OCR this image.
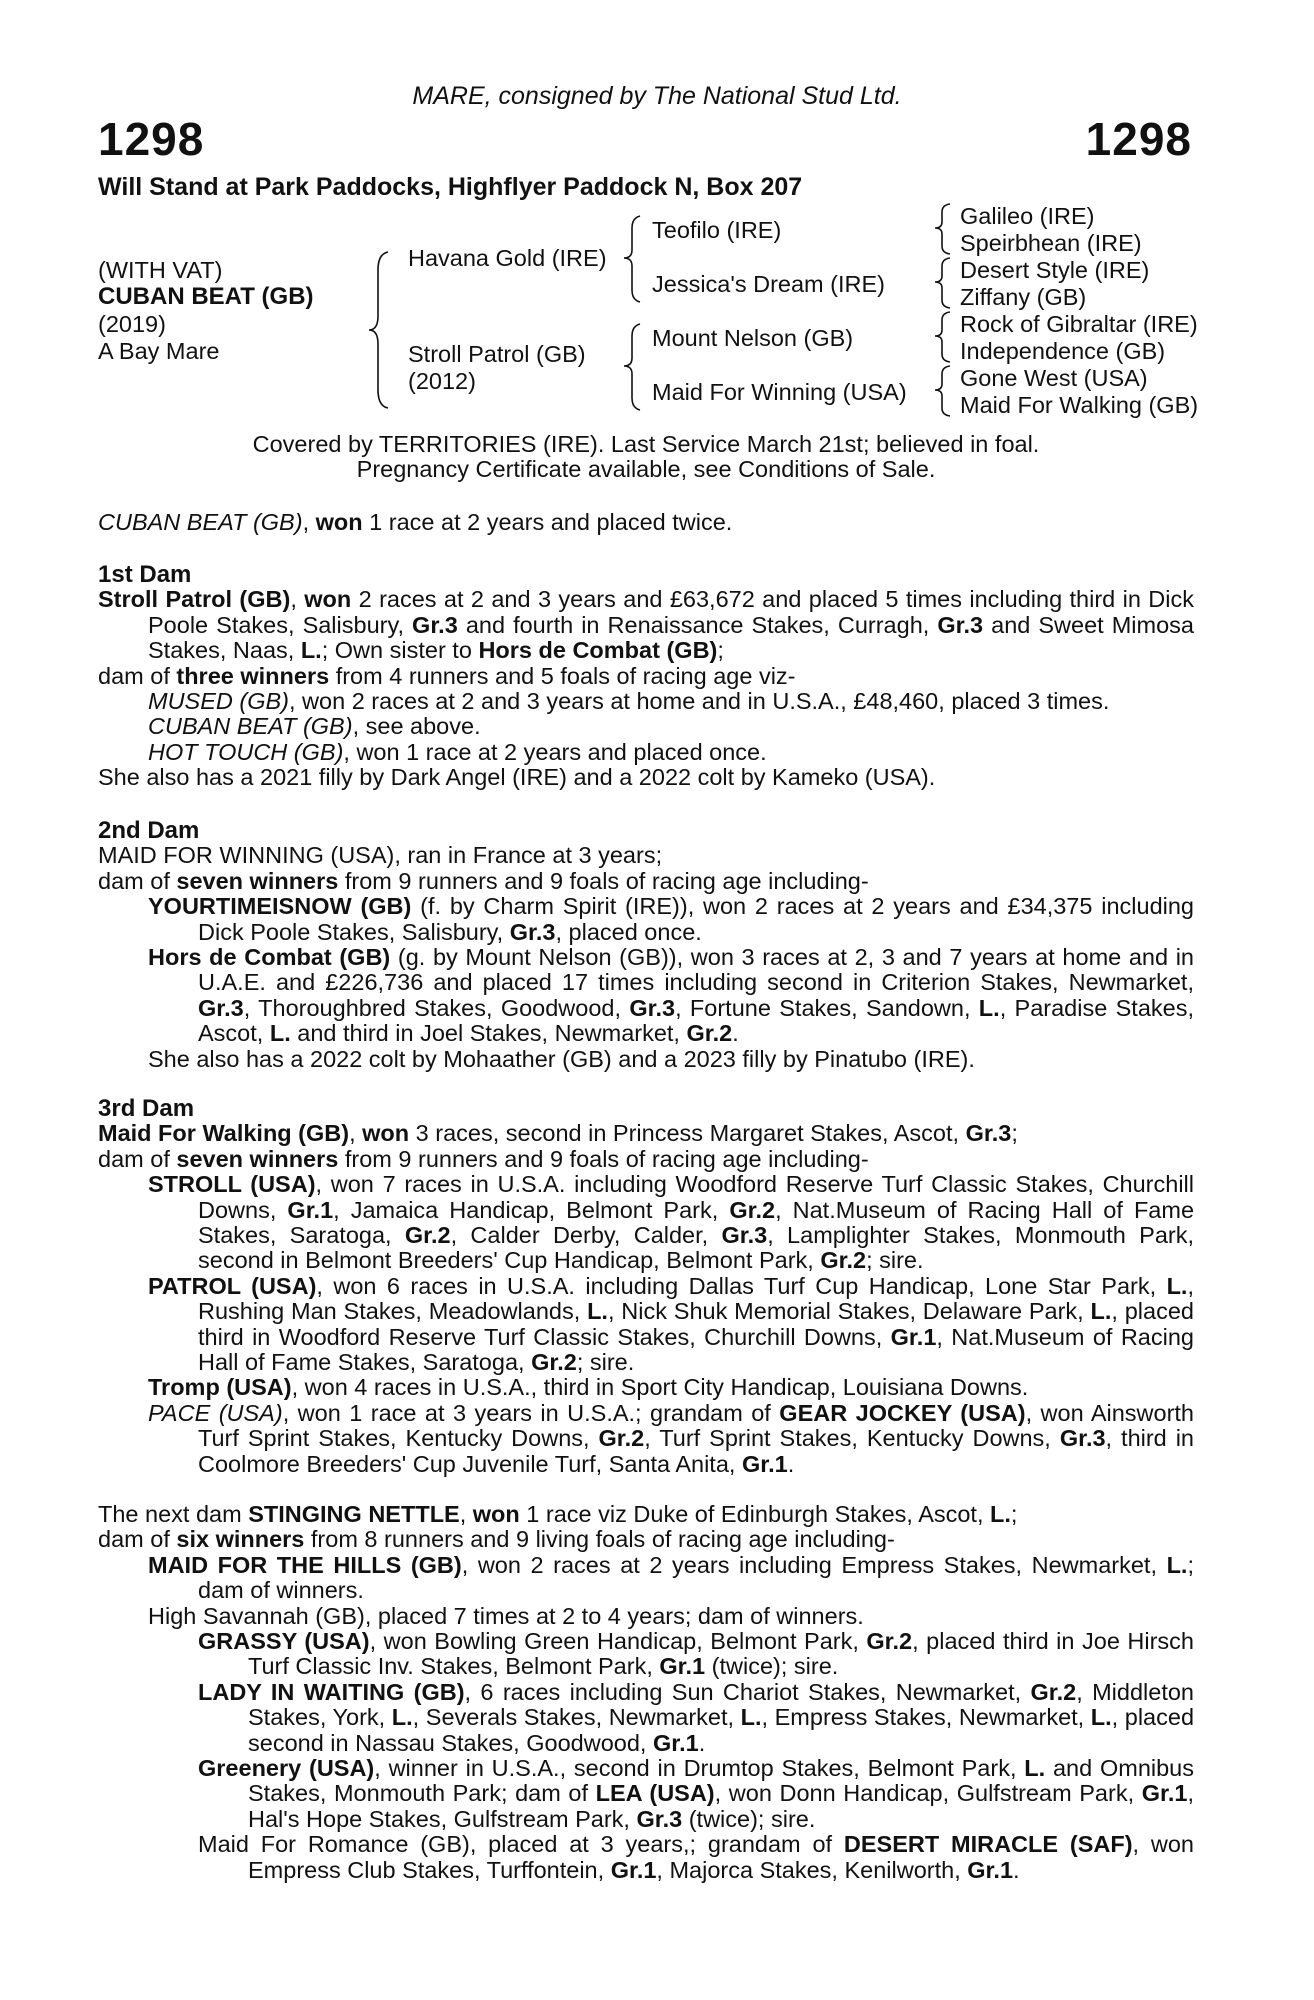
MARE, consigned by The National Stud Ltd.
1298	1298
Will Stand at Park Paddocks, Highflyer Paddock N, Box 207
(WITH VAT)
CUBAN BEAT (GB)
(2019)
A Bay Mare
Havana Gold (IRE)
Stroll Patrol (GB)
(2012)
Teofilo (IRE)
Jessica's Dream (IRE)
Mount Nelson (GB)
Maid For Winning (USA)
Galileo (IRE)
Speirbhean (IRE)
Desert Style (IRE)
Ziffany (GB)
Rock of Gibraltar (IRE)
Independence (GB)
Gone West (USA)
Maid For Walking (GB)
Covered by TERRITORIES (IRE). Last Service March 21st; believed in foal.
Pregnancy Certificate available, see Conditions of Sale.
CUBAN BEAT (GB), won 1 race at 2 years and placed twice.

1st Dam

Stroll Patrol (GB), won 2 races at 2 and 3 years and £63,672 and placed 5 times including third in Dick Poole Stakes, Salisbury, Gr.3 and fourth in Renaissance Stakes, Curragh, Gr.3 and Sweet Mimosa Stakes, Naas, L.; Own sister to Hors de Combat (GB);

dam of three winners from 4 runners and 5 foals of racing age viz-

MUSED (GB), won 2 races at 2 and 3 years at home and in U.S.A., £48,460, placed 3 times.

CUBAN BEAT (GB), see above.

HOT TOUCH (GB), won 1 race at 2 years and placed once.

She also has a 2021 filly by Dark Angel (IRE) and a 2022 colt by Kameko (USA).

2nd Dam

MAID FOR WINNING (USA), ran in France at 3 years;

dam of seven winners from 9 runners and 9 foals of racing age including-

YOURTIMEISNOW (GB) (f. by Charm Spirit (IRE)), won 2 races at 2 years and £34,375 including Dick Poole Stakes, Salisbury, Gr.3, placed once.

Hors de Combat (GB) (g. by Mount Nelson (GB)), won 3 races at 2, 3 and 7 years at home and in U.A.E. and £226,736 and placed 17 times including second in Criterion Stakes, Newmarket, Gr.3, Thoroughbred Stakes, Goodwood, Gr.3, Fortune Stakes, Sandown, L., Paradise Stakes, Ascot, L. and third in Joel Stakes, Newmarket, Gr.2.

She also has a 2022 colt by Mohaather (GB) and a 2023 filly by Pinatubo (IRE).

3rd Dam

Maid For Walking (GB), won 3 races, second in Princess Margaret Stakes, Ascot, Gr.3;

dam of seven winners from 9 runners and 9 foals of racing age including-

STROLL (USA), won 7 races in U.S.A. including Woodford Reserve Turf Classic Stakes, Churchill Downs, Gr.1, Jamaica Handicap, Belmont Park, Gr.2, Nat.Museum of Racing Hall of Fame Stakes, Saratoga, Gr.2, Calder Derby, Calder, Gr.3, Lamplighter Stakes, Monmouth Park, second in Belmont Breeders' Cup Handicap, Belmont Park, Gr.2; sire.

PATROL (USA), won 6 races in U.S.A. including Dallas Turf Cup Handicap, Lone Star Park, L., Rushing Man Stakes, Meadowlands, L., Nick Shuk Memorial Stakes, Delaware Park, L., placed third in Woodford Reserve Turf Classic Stakes, Churchill Downs, Gr.1, Nat.Museum of Racing Hall of Fame Stakes, Saratoga, Gr.2; sire.

Tromp (USA), won 4 races in U.S.A., third in Sport City Handicap, Louisiana Downs.

PACE (USA), won 1 race at 3 years in U.S.A.; grandam of GEAR JOCKEY (USA), won Ainsworth Turf Sprint Stakes, Kentucky Downs, Gr.2, Turf Sprint Stakes, Kentucky Downs, Gr.3, third in Coolmore Breeders' Cup Juvenile Turf, Santa Anita, Gr.1.

The next dam STINGING NETTLE, won 1 race viz Duke of Edinburgh Stakes, Ascot, L.;

dam of six winners from 8 runners and 9 living foals of racing age including-

MAID FOR THE HILLS (GB), won 2 races at 2 years including Empress Stakes, Newmarket, L.; dam of winners.

High Savannah (GB), placed 7 times at 2 to 4 years; dam of winners.

GRASSY (USA), won Bowling Green Handicap, Belmont Park, Gr.2, placed third in Joe Hirsch Turf Classic Inv. Stakes, Belmont Park, Gr.1 (twice); sire.

LADY IN WAITING (GB), 6 races including Sun Chariot Stakes, Newmarket, Gr.2, Middleton Stakes, York, L., Severals Stakes, Newmarket, L., Empress Stakes, Newmarket, L., placed second in Nassau Stakes, Goodwood, Gr.1.

Greenery (USA), winner in U.S.A., second in Drumtop Stakes, Belmont Park, L. and Omnibus Stakes, Monmouth Park; dam of LEA (USA), won Donn Handicap, Gulfstream Park, Gr.1, Hal's Hope Stakes, Gulfstream Park, Gr.3 (twice); sire.

Maid For Romance (GB), placed at 3 years,; grandam of DESERT MIRACLE (SAF), won Empress Club Stakes, Turffontein, Gr.1, Majorca Stakes, Kenilworth, Gr.1.
